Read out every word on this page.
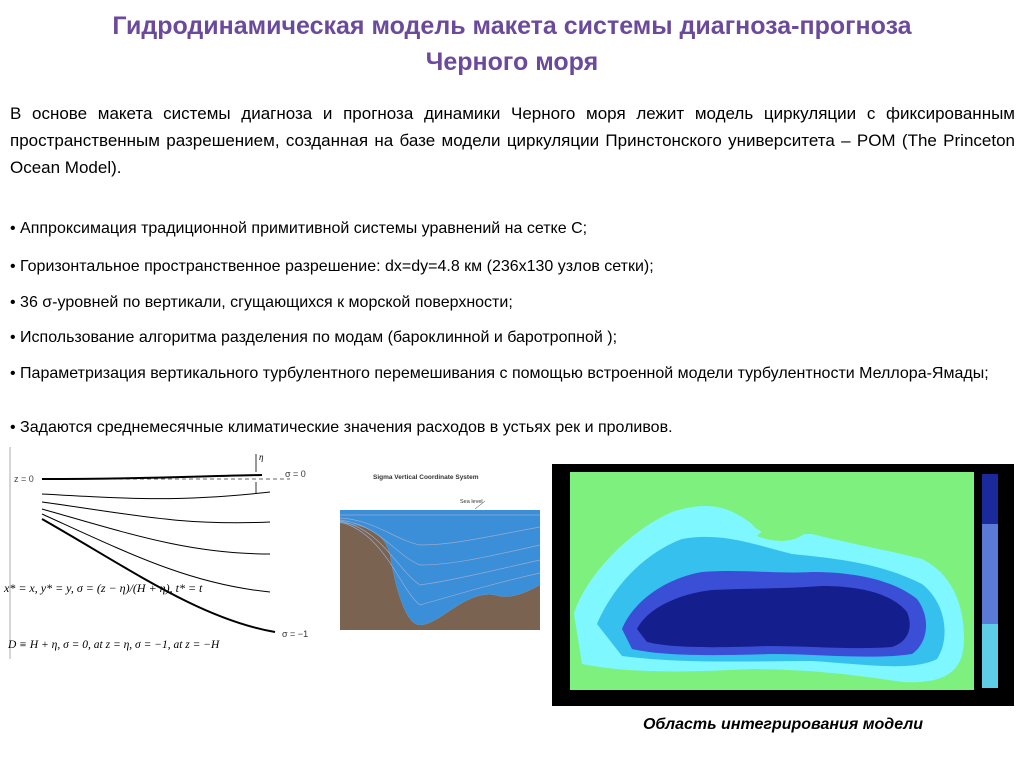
Гидродинамическая модель макета системы диагноза-прогноза
Черного моря
В основе макета системы диагноза и прогноза динамики Черного моря лежит модель циркуляции с фиксированным пространственным разрешением, созданная на базе модели циркуляции Принстонского университета – POM (The Princeton Ocean Model).
• Аппроксимация традиционной примитивной системы уравнений на сетке С;
• Горизонтальное пространственное разрешение: dx=dy=4.8 км (236х130 узлов сетки);
• 36 σ-уровней по вертикали, сгущающихся к морской поверхности;
• Использование алгоритма разделения по модам (бароклинной и баротропной );
• Параметризация вертикального турбулентного перемешивания с помощью встроенной модели турбулентности Меллора-Ямады;
• Задаются среднемесячные климатические значения расходов в устьях рек и проливов.
z = 0
η
σ = 0
σ = −1
x* = x, y* = y, σ = (z − η)/(H + η), t* = t
D ≡ H + η, σ = 0, at z = η, σ = −1, at z = −H
Sigma Vertical Coordinate System
Sea level
Область интегрирования модели
